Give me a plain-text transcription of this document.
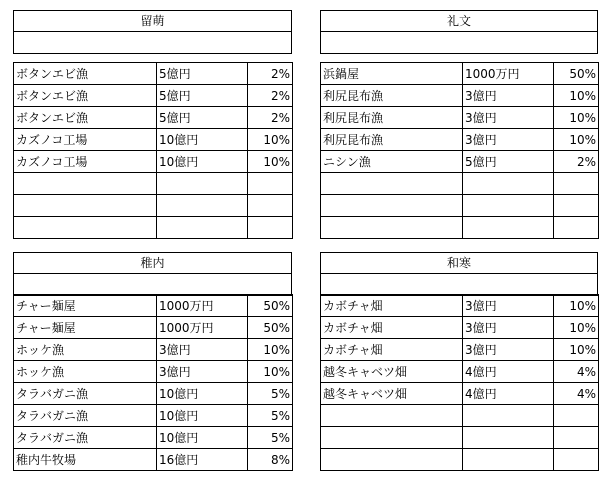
留萌
ボタンエビ漁	5億円	2%
ボタンエビ漁	5億円	2%
ボタンエビ漁	5億円	2%
カズノコ工場	10億円	10%
カズノコ工場	10億円	10%

礼文
浜鍋屋	1000万円	50%
利尻昆布漁	3億円	10%
利尻昆布漁	3億円	10%
利尻昆布漁	3億円	10%
ニシン漁	5億円	2%

稚内
チャー麺屋	1000万円	50%
チャー麺屋	1000万円	50%
ホッケ漁	3億円	10%
ホッケ漁	3億円	10%
タラバガニ漁	10億円	5%
タラバガニ漁	10億円	5%
タラバガニ漁	10億円	5%
稚内牛牧場	16億円	8%
和寒
カボチャ畑	3億円	10%
カボチャ畑	3億円	10%
カボチャ畑	3億円	10%
越冬キャベツ畑	4億円	4%
越冬キャベツ畑	4億円	4%
